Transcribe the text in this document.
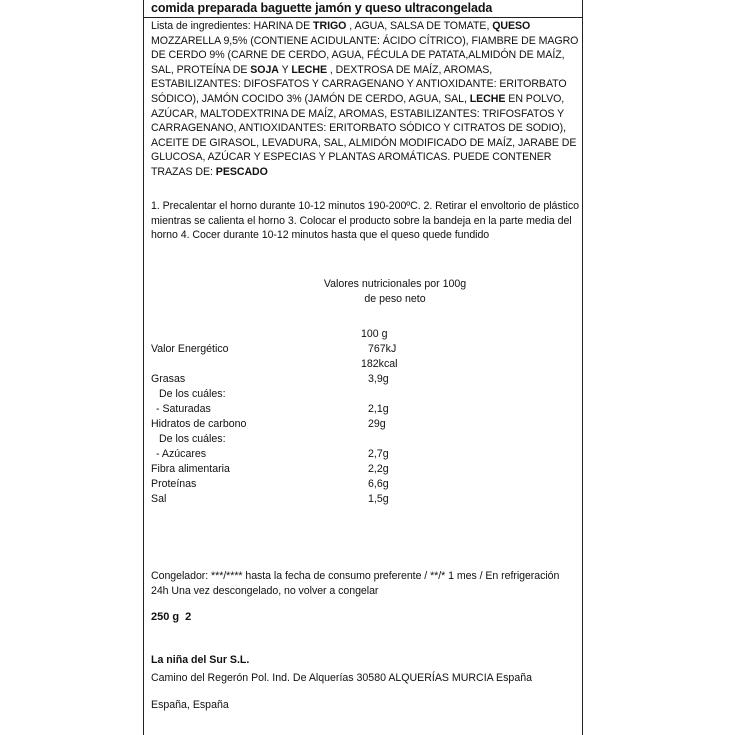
comida preparada baguette jamón y queso ultracongelada
Lista de ingredientes: HARINA DE TRIGO , AGUA, SALSA DE TOMATE, QUESO MOZZARELLA 9,5% (CONTIENE ACIDULANTE: ÁCIDO CÍTRICO), FIAMBRE DE MAGRO DE CERDO 9% (CARNE DE CERDO, AGUA, FÉCULA DE PATATA,ALMIDÓN DE MAÍZ, SAL, PROTEÍNA DE SOJA Y LECHE , DEXTROSA DE MAÍZ, AROMAS, ESTABILIZANTES: DIFOSFATOS Y CARRAGENANO Y ANTIOXIDANTE: ERITORBATO SÓDICO), JAMÓN COCIDO 3% (JAMÓN DE CERDO, AGUA, SAL, LECHE EN POLVO, AZÚCAR, MALTODEXTRINA DE MAÍZ, AROMAS, ESTABILIZANTES: TRIFOSFATOS Y CARRAGENANO, ANTIOXIDANTES: ERITORBATO SÓDICO Y CITRATOS DE SODIO), ACEITE DE GIRASOL, LEVADURA, SAL, ALMIDÓN MODIFICADO DE MAÍZ, JARABE DE GLUCOSA, AZÚCAR Y ESPECIAS Y PLANTAS AROMÁTICAS. PUEDE CONTENER TRAZAS DE: PESCADO
1. Precalentar el horno durante 10-12 minutos 190-200ºC. 2. Retirar el envoltorio de plástico mientras se calienta el horno 3. Colocar el producto sobre la bandeja en la parte media del horno 4. Cocer durante 10-12 minutos hasta que el queso quede fundido
Valores nutricionales por 100g de peso neto
100 g
Valor Energético	767kJ
182kcal
Grasas	3,9g
De los cuáles:
- Saturadas	2,1g
Hidratos de carbono	29g
De los cuáles:
- Azúcares	2,7g
Fibra alimentaria	2,2g
Proteínas	6,6g
Sal	1,5g
Congelador: ***/**** hasta la fecha de consumo preferente / **/* 1 mes / En refrigeración 24h Una vez descongelado, no volver a congelar
250 g 2
La niña del Sur S.L.
Camino del Regerón Pol. Ind. De Alquerías 30580 ALQUERÍAS MURCIA España
España, España
